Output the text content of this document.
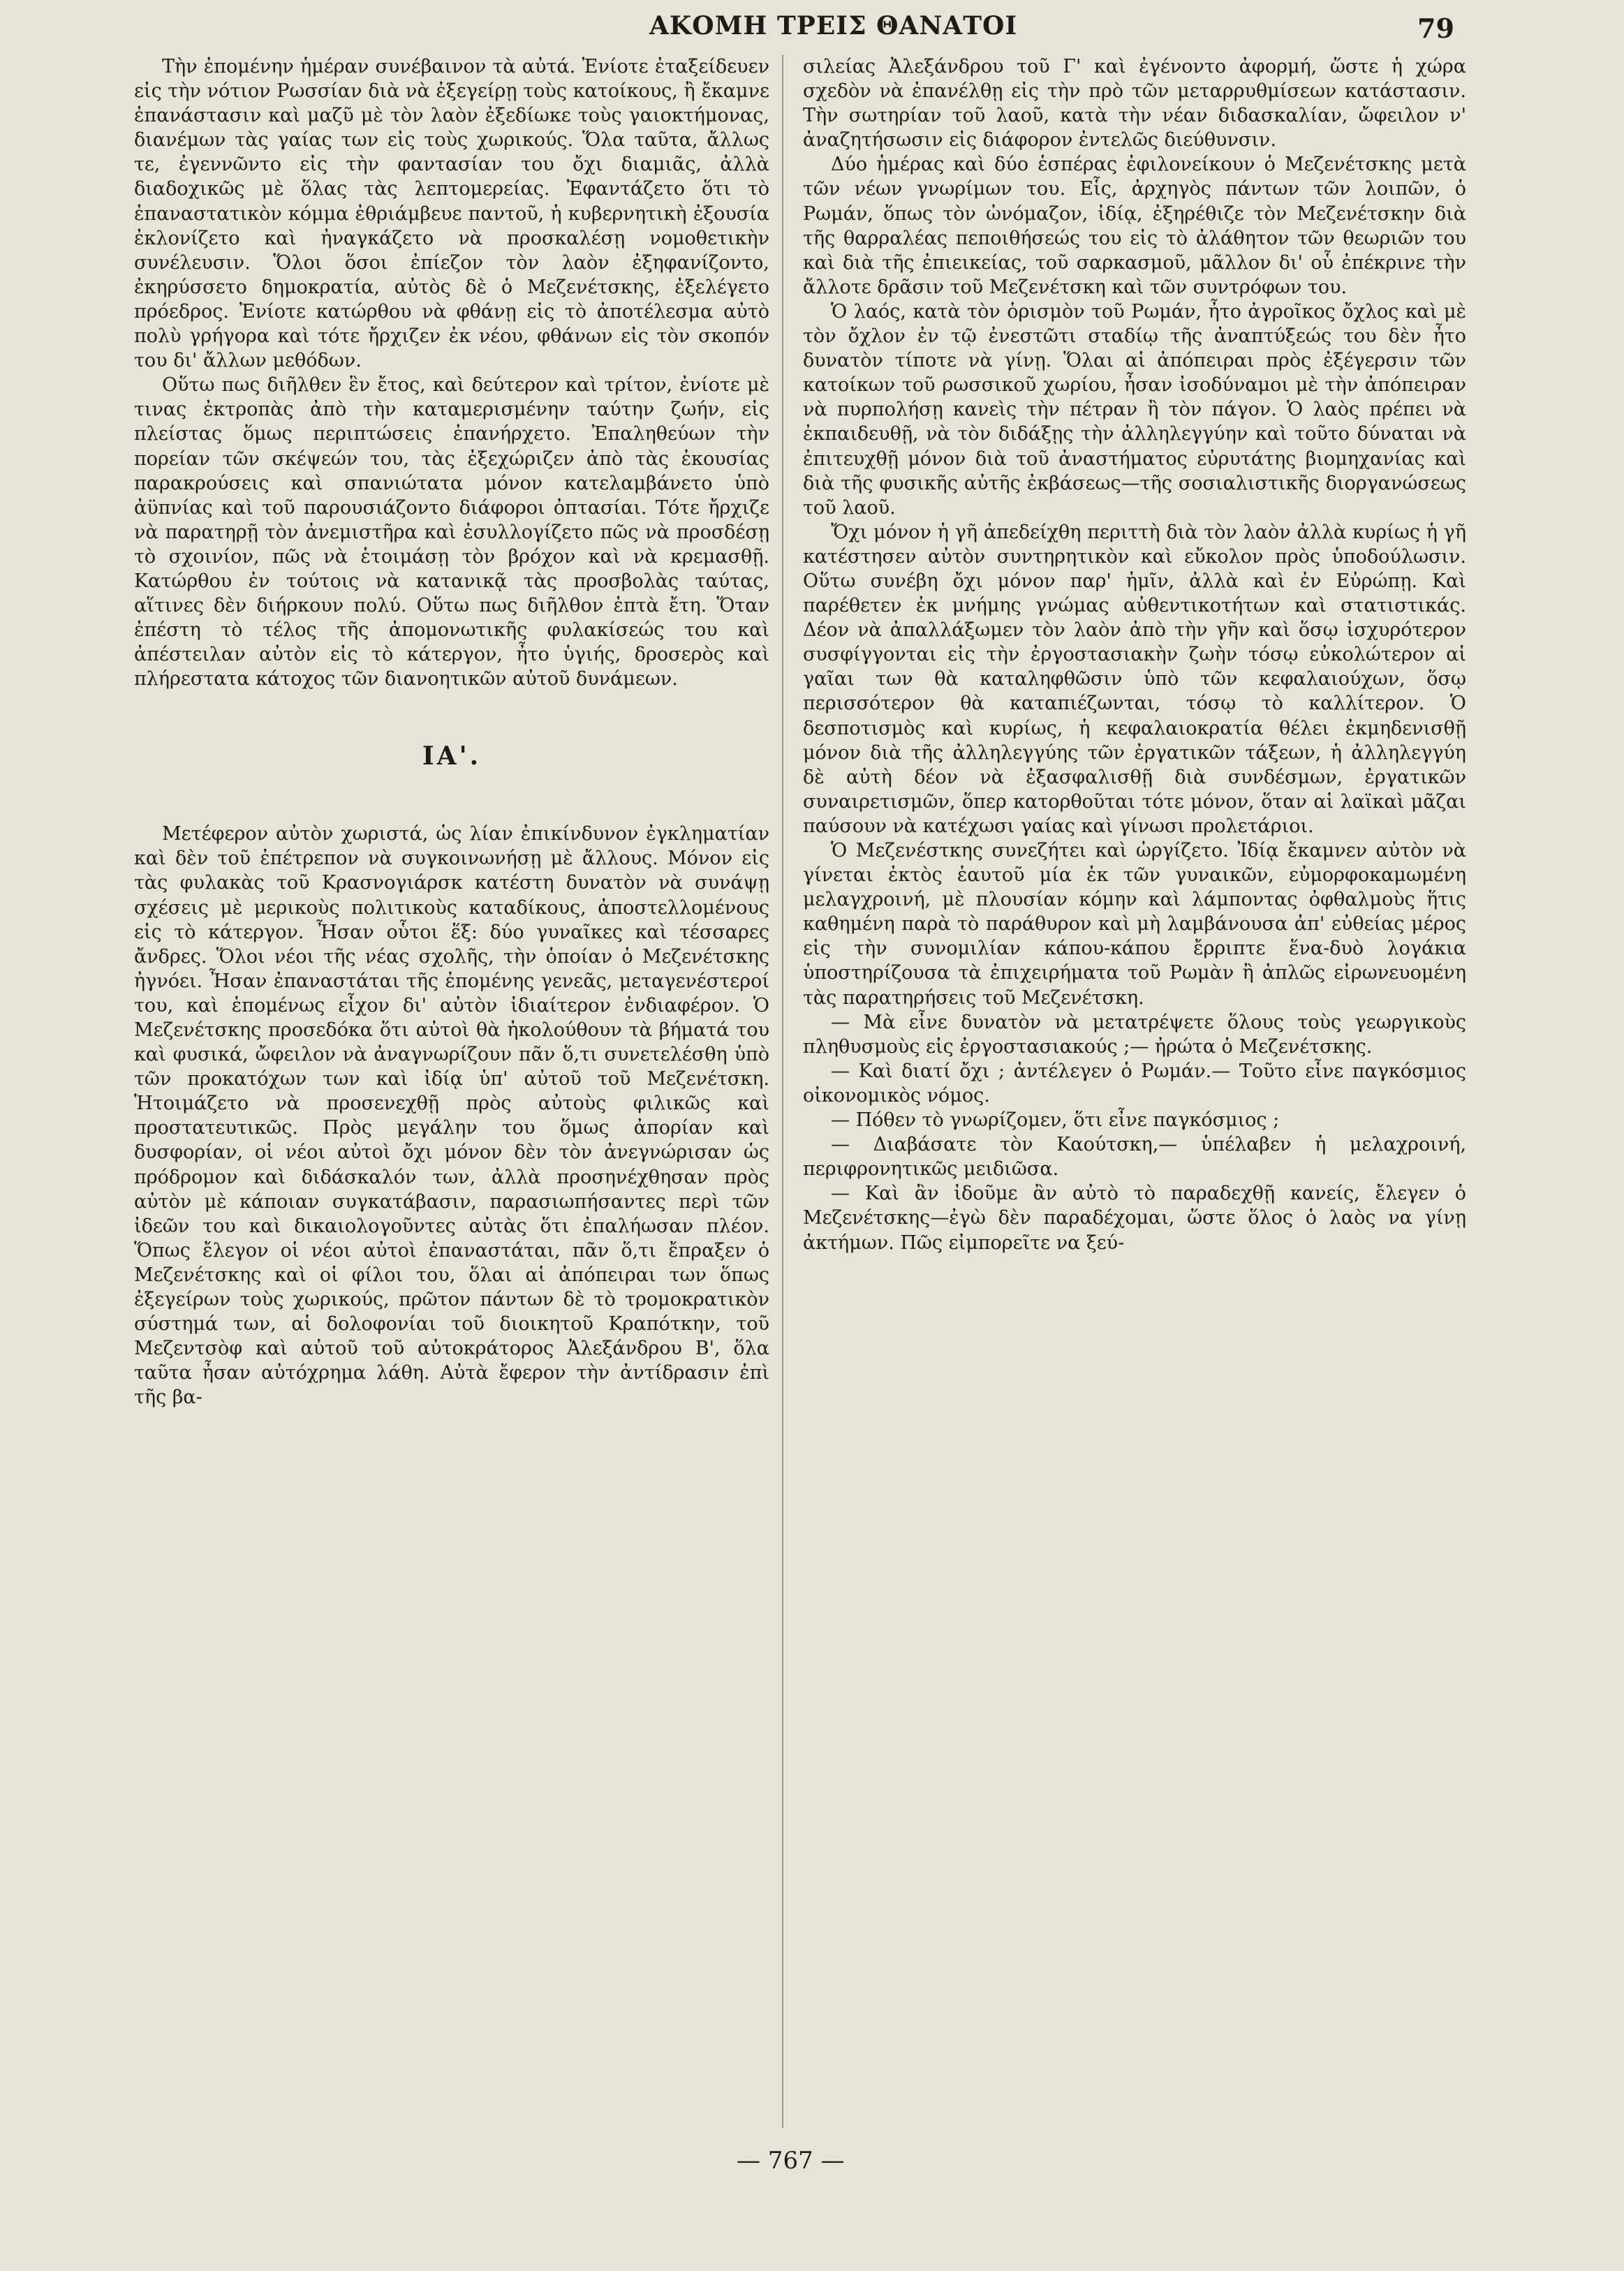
ΑΚΟΜΗ ΤΡΕΙΣ ΘΑΝΑΤΟΙ	79

Τὴν ἐπομένην ἡμέραν συνέβαινον τὰ αὐτά. Ἐνίοτε ἐταξείδευεν εἰς τὴν νότιον Ρωσσίαν διὰ νὰ ἐξεγείρῃ τοὺς κατοίκους, ἢ ἔκαμνε ἐπανάστασιν καὶ μαζῦ μὲ τὸν λαὸν ἐξεδίωκε τοὺς γαιοκτήμονας, διανέμων τὰς γαίας των εἰς τοὺς χωρικούς. Ὅλα ταῦτα, ἄλλως τε, ἐγεννῶντο εἰς τὴν φαντασίαν του ὄχι διαμιᾶς, ἀλλὰ διαδοχικῶς μὲ ὅλας τὰς λεπτομερείας. Ἐφαντάζετο ὅτι τὸ ἐπαναστατικὸν κόμμα ἐθριάμβευε παντοῦ, ἡ κυβερνητικὴ ἐξουσία ἐκλονίζετο καὶ ἠναγκάζετο νὰ προσκαλέσῃ νομοθετικὴν συνέλευσιν. Ὅλοι ὅσοι ἐπίεζον τὸν λαὸν ἐξηφανίζοντο, ἐκηρύσσετο δημοκρατία, αὐτὸς δὲ ὁ Μεζενέτσκης, ἐξελέγετο πρόεδρος. Ἐνίοτε κατώρθου νὰ φθάνῃ εἰς τὸ ἀποτέλεσμα αὐτὸ πολὺ γρήγορα καὶ τότε ἤρχιζεν ἐκ νέου, φθάνων εἰς τὸν σκοπόν του δι' ἄλλων μεθόδων.

Οὕτω πως διῆλθεν ἓν ἔτος, καὶ δεύτερον καὶ τρίτον, ἐνίοτε μὲ τινας ἐκτροπὰς ἀπὸ τὴν καταμερισμένην ταύτην ζωήν, εἰς πλείστας ὅμως περιπτώσεις ἐπανήρχετο. Ἐπαληθεύων τὴν πορείαν τῶν σκέψεών του, τὰς ἐξεχώριζεν ἀπὸ τὰς ἐκουσίας παρακρούσεις καὶ σπανιώτατα μόνον κατελαμβάνετο ὑπὸ ἀϋπνίας καὶ τοῦ παρουσιάζοντο διάφοροι ὀπτασίαι. Τότε ἤρχιζε νὰ παρατηρῇ τὸν ἀνεμιστῆρα καὶ ἐσυλλογίζετο πῶς νὰ προσδέσῃ τὸ σχοινίον, πῶς νὰ ἑτοιμάσῃ τὸν βρόχον καὶ νὰ κρεμασθῇ. Κατώρθου ἐν τούτοις νὰ κατανικᾷ τὰς προσβολὰς ταύτας, αἵτινες δὲν διήρκουν πολύ. Οὕτω πως διῆλθον ἑπτὰ ἔτη. Ὅταν ἐπέστη τὸ τέλος τῆς ἀπομονωτικῆς φυλακίσεώς του καὶ ἀπέστειλαν αὐτὸν εἰς τὸ κάτεργον, ἦτο ὑγιής, δροσερὸς καὶ πλήρεστατα κάτοχος τῶν διανοητικῶν αὐτοῦ δυνάμεων.

ΙΑ'.

Μετέφερον αὐτὸν χωριστά, ὡς λίαν ἐπικίνδυνον ἐγκληματίαν καὶ δὲν τοῦ ἐπέτρεπον νὰ συγκοινωνήσῃ μὲ ἄλλους. Μόνον εἰς τὰς φυλακὰς τοῦ Κρασνογιάρσκ κατέστη δυνατὸν νὰ συνάψῃ σχέσεις μὲ μερικοὺς πολιτικοὺς καταδίκους, ἀποστελλομένους εἰς τὸ κάτεργον. Ἦσαν οὗτοι ἕξ: δύο γυναῖκες καὶ τέσσαρες ἄνδρες. Ὅλοι νέοι τῆς νέας σχολῆς, τὴν ὁποίαν ὁ Μεζενέτσκης ἠγνόει. Ἦσαν ἐπαναστάται τῆς ἐπομένης γενεᾶς, μεταγενέστεροί του, καὶ ἑπομένως εἶχον δι' αὐτὸν ἰδιαίτερον ἐνδιαφέρον. Ὁ Μεζενέτσκης προσεδόκα ὅτι αὐτοὶ θὰ ἠκολούθουν τὰ βήματά του καὶ φυσικά, ὤφειλον νὰ ἀναγνωρίζουν πᾶν ὅ,τι συνετελέσθη ὑπὸ τῶν προκατόχων των καὶ ἰδίᾳ ὑπ' αὐτοῦ τοῦ Μεζενέτσκη. Ἡτοιμάζετο νὰ προσενεχθῇ πρὸς αὐτοὺς φιλικῶς καὶ προστατευτικῶς. Πρὸς μεγάλην του ὅμως ἀπορίαν καὶ δυσφορίαν, οἱ νέοι αὐτοὶ ὄχι μόνον δὲν τὸν ἀνεγνώρισαν ὡς πρόδρομον καὶ διδάσκαλόν των, ἀλλὰ προσηνέχθησαν πρὸς αὐτὸν μὲ κάποιαν συγκατάβασιν, παρασιωπήσαντες περὶ τῶν ἰδεῶν του καὶ δικαιολογοῦντες αὐτὰς ὅτι ἐπαλήωσαν πλέον. Ὅπως ἔλεγον οἱ νέοι αὐτοὶ ἐπαναστάται, πᾶν ὅ,τι ἔπραξεν ὁ Μεζενέτσκης καὶ οἱ φίλοι του, ὅλαι αἱ ἀπόπειραι των ὅπως ἐξεγείρων τοὺς χωρικούς, πρῶτον πάντων δὲ τὸ τρομοκρατικὸν σύστημά των, αἱ δολοφονίαι τοῦ διοικητοῦ Κραπότκην, τοῦ Μεζεντσὸφ καὶ αὐτοῦ τοῦ αὐτοκράτορος Ἀλεξάνδρου Β', ὅλα ταῦτα ἦσαν αὐτόχρημα λάθη. Αὐτὰ ἔφερον τὴν ἀντίδρασιν ἐπὶ τῆς βα-

σιλείας Ἀλεξάνδρου τοῦ Γ' καὶ ἐγένοντο ἀφορμή, ὥστε ἡ χώρα σχεδὸν νὰ ἐπανέλθῃ εἰς τὴν πρὸ τῶν μεταρρυθμίσεων κατάστασιν. Τὴν σωτηρίαν τοῦ λαοῦ, κατὰ τὴν νέαν διδασκαλίαν, ὤφειλον ν' ἀναζητήσωσιν εἰς διάφορον ἐντελῶς διεύθυνσιν.

Δύο ἡμέρας καὶ δύο ἑσπέρας ἐφιλονείκουν ὁ Μεζενέτσκης μετὰ τῶν νέων γνωρίμων του. Εἷς, ἀρχηγὸς πάντων τῶν λοιπῶν, ὁ Ρωμάν, ὅπως τὸν ὠνόμαζον, ἰδίᾳ, ἐξηρέθιζε τὸν Μεζενέτσκην διὰ τῆς θαρραλέας πεποιθήσεώς του εἰς τὸ ἀλάθητον τῶν θεωριῶν του καὶ διὰ τῆς ἐπιεικείας, τοῦ σαρκασμοῦ, μᾶλλον δι' οὗ ἐπέκρινε τὴν ἄλλοτε δρᾶσιν τοῦ Μεζενέτσκη καὶ τῶν συντρόφων του.

Ὁ λαός, κατὰ τὸν ὁρισμὸν τοῦ Ρωμάν, ἦτο ἀγροῖκος ὄχλος καὶ μὲ τὸν ὄχλον ἐν τῷ ἐνεστῶτι σταδίῳ τῆς ἀναπτύξεώς του δὲν ἦτο δυνατὸν τίποτε νὰ γίνῃ. Ὅλαι αἱ ἀπόπειραι πρὸς ἐξέγερσιν τῶν κατοίκων τοῦ ρωσσικοῦ χωρίου, ἦσαν ἰσοδύναμοι μὲ τὴν ἀπόπειραν νὰ πυρπολήσῃ κανεὶς τὴν πέτραν ἢ τὸν πάγον. Ὁ λαὸς πρέπει νὰ ἐκπαιδευθῇ, νὰ τὸν διδάξῃς τὴν ἀλληλεγγύην καὶ τοῦτο δύναται νὰ ἐπιτευχθῇ μόνον διὰ τοῦ ἀναστήματος εὐρυτάτης βιομηχανίας καὶ διὰ τῆς φυσικῆς αὐτῆς ἐκβάσεως—τῆς σοσιαλιστικῆς διοργανώσεως τοῦ λαοῦ.

Ὄχι μόνον ἡ γῆ ἀπεδείχθη περιττὴ διὰ τὸν λαὸν ἀλλὰ κυρίως ἡ γῆ κατέστησεν αὐτὸν συντηρητικὸν καὶ εὔκολον πρὸς ὑποδούλωσιν. Οὕτω συνέβη ὄχι μόνον παρ' ἡμῖν, ἀλλὰ καὶ ἐν Εὐρώπῃ. Καὶ παρέθετεν ἐκ μνήμης γνώμας αὐθεντικοτήτων καὶ στατιστικάς. Δέον νὰ ἀπαλλάξωμεν τὸν λαὸν ἀπὸ τὴν γῆν καὶ ὅσῳ ἰσχυρότερον συσφίγγονται εἰς τὴν ἐργοστασιακὴν ζωὴν τόσῳ εὐκολώτερον αἱ γαῖαι των θὰ καταληφθῶσιν ὑπὸ τῶν κεφαλαιούχων, ὅσῳ περισσότερον θὰ καταπιέζωνται, τόσῳ τὸ καλλίτερον. Ὁ δεσποτισμὸς καὶ κυρίως, ἡ κεφαλαιοκρατία θέλει ἐκμηδενισθῇ μόνον διὰ τῆς ἀλληλεγγύης τῶν ἐργατικῶν τάξεων, ἡ ἀλληλεγγύη δὲ αὐτὴ δέον νὰ ἐξασφαλισθῇ διὰ συνδέσμων, ἐργατικῶν συναιρετισμῶν, ὅπερ κατορθοῦται τότε μόνον, ὅταν αἱ λαϊκαὶ μᾶζαι παύσουν νὰ κατέχωσι γαίας καὶ γίνωσι προλετάριοι.

Ὁ Μεζενέστκης συνεζήτει καὶ ὠργίζετο. Ἰδίᾳ ἔκαμνεν αὐτὸν νὰ γίνεται ἐκτὸς ἑαυτοῦ μία ἐκ τῶν γυναικῶν, εὐμορφοκαμωμένη μελαγχροινή, μὲ πλουσίαν κόμην καὶ λάμποντας ὀφθαλμοὺς ἥτις καθημένη παρὰ τὸ παράθυρον καὶ μὴ λαμβάνουσα ἀπ' εὐθείας μέρος εἰς τὴν συνομιλίαν κάπου-κάπου ἔρριπτε ἕνα-δυὸ λογάκια ὑποστηρίζουσα τὰ ἐπιχειρήματα τοῦ Ρωμὰν ἢ ἁπλῶς εἰρωνευομένη τὰς παρατηρήσεις τοῦ Μεζενέτσκη.

— Μὰ εἶνε δυνατὸν νὰ μετατρέψετε ὅλους τοὺς γεωργικοὺς πληθυσμοὺς εἰς ἐργοστασιακούς ;— ἠρώτα ὁ Μεζενέτσκης.

— Καὶ διατί ὄχι ; ἀντέλεγεν ὁ Ρωμάν.— Τοῦτο εἶνε παγκόσμιος οἰκονομικὸς νόμος.

— Πόθεν τὸ γνωρίζομεν, ὅτι εἶνε παγκόσμιος ;

— Διαβάσατε τὸν Καούτσκη,— ὑπέλαβεν ἡ μελαχροινή, περιφρονητικῶς μειδιῶσα.

— Καὶ ἂν ἰδοῦμε ἂν αὐτὸ τὸ παραδεχθῇ κανείς, ἔλεγεν ὁ Μεζενέτσκης—ἐγὼ δὲν παραδέχομαι, ὥστε ὅλος ὁ λαὸς να γίνῃ ἀκτήμων. Πῶς εἰμπορεῖτε να ξεύ-

— 767 —
